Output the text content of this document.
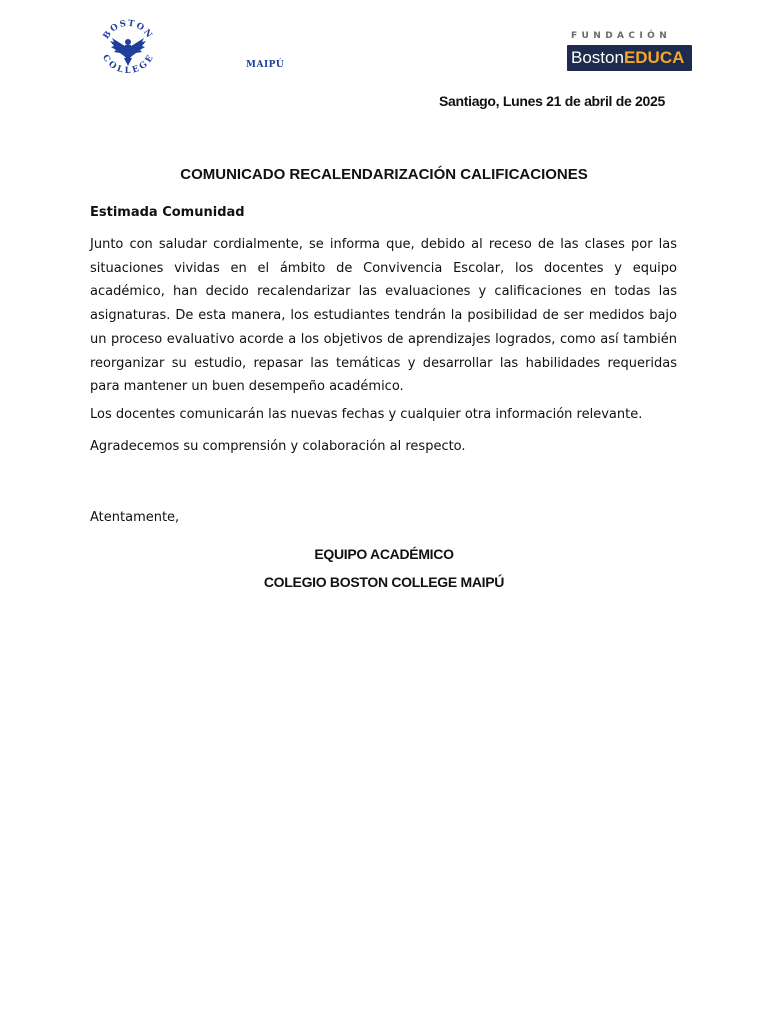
BOSTON
COLLEGE
MAIPÚ
FUNDACIÓN
Boston EDUCA
Santiago, Lunes 21 de abril de 2025
COMUNICADO RECALENDARIZACIÓN CALIFICACIONES
Estimada Comunidad

Junto con saludar cordialmente, se informa que, debido al receso de las clases por las situaciones vividas en el ámbito de Convivencia Escolar, los docentes y equipo académico, han decido recalendarizar las evaluaciones y calificaciones en todas las asignaturas. De esta manera, los estudiantes tendrán la posibilidad de ser medidos bajo un proceso evaluativo acorde a los objetivos de aprendizajes logrados, como así también reorganizar su estudio, repasar las temáticas y desarrollar las habilidades requeridas para mantener un buen desempeño académico.

Los docentes comunicarán las nuevas fechas y cualquier otra información relevante.

Agradecemos su comprensión y colaboración al respecto.

Atentamente,

EQUIPO ACADÉMICO
COLEGIO BOSTON COLLEGE MAIPÚ
